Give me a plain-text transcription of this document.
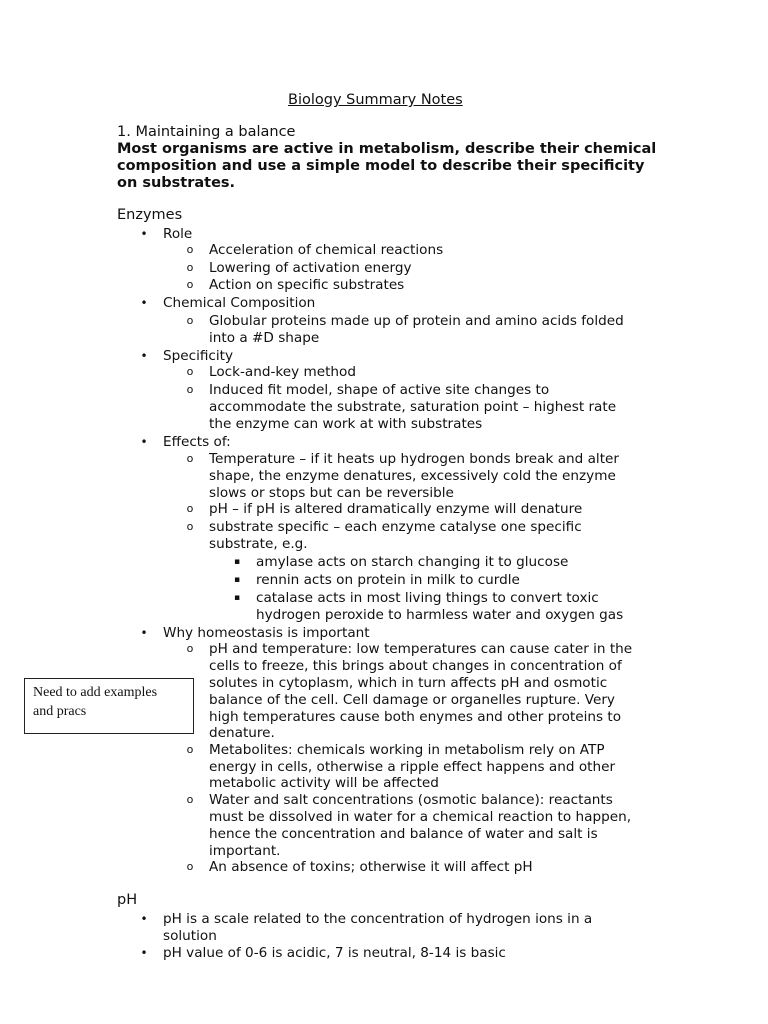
Biology Summary Notes
1. Maintaining a balance
Most organisms are active in metabolism, describe their chemical
composition and use a simple model to describe their specificity
on substrates.
Enzymes
pH
• Role
o Acceleration of chemical reactions
o Lowering of activation energy
o Action on specific substrates
• Chemical Composition
o Globular proteins made up of protein and amino acids folded
into a #D shape
• Specificity
o Lock-and-key method
o Induced fit model, shape of active site changes to
accommodate the substrate, saturation point – highest rate
the enzyme can work at with substrates
• Effects of:
o Temperature – if it heats up hydrogen bonds break and alter
shape, the enzyme denatures, excessively cold the enzyme
slows or stops but can be reversible
o pH – if pH is altered dramatically enzyme will denature
o substrate specific – each enzyme catalyse one specific
substrate, e.g.
▪ amylase acts on starch changing it to glucose
▪ rennin acts on protein in milk to curdle
▪ catalase acts in most living things to convert toxic
hydrogen peroxide to harmless water and oxygen gas
• Why homeostasis is important
o pH and temperature: low temperatures can cause cater in the
cells to freeze, this brings about changes in concentration of
solutes in cytoplasm, which in turn affects pH and osmotic
balance of the cell. Cell damage or organelles rupture. Very
high temperatures cause both enymes and other proteins to
denature.
o Metabolites: chemicals working in metabolism rely on ATP
energy in cells, otherwise a ripple effect happens and other
metabolic activity will be affected
o Water and salt concentrations (osmotic balance): reactants
must be dissolved in water for a chemical reaction to happen,
hence the concentration and balance of water and salt is
important.
o An absence of toxins; otherwise it will affect pH
• pH is a scale related to the concentration of hydrogen ions in a
solution
• pH value of 0-6 is acidic, 7 is neutral, 8-14 is basic
Need to add examples
and pracs
